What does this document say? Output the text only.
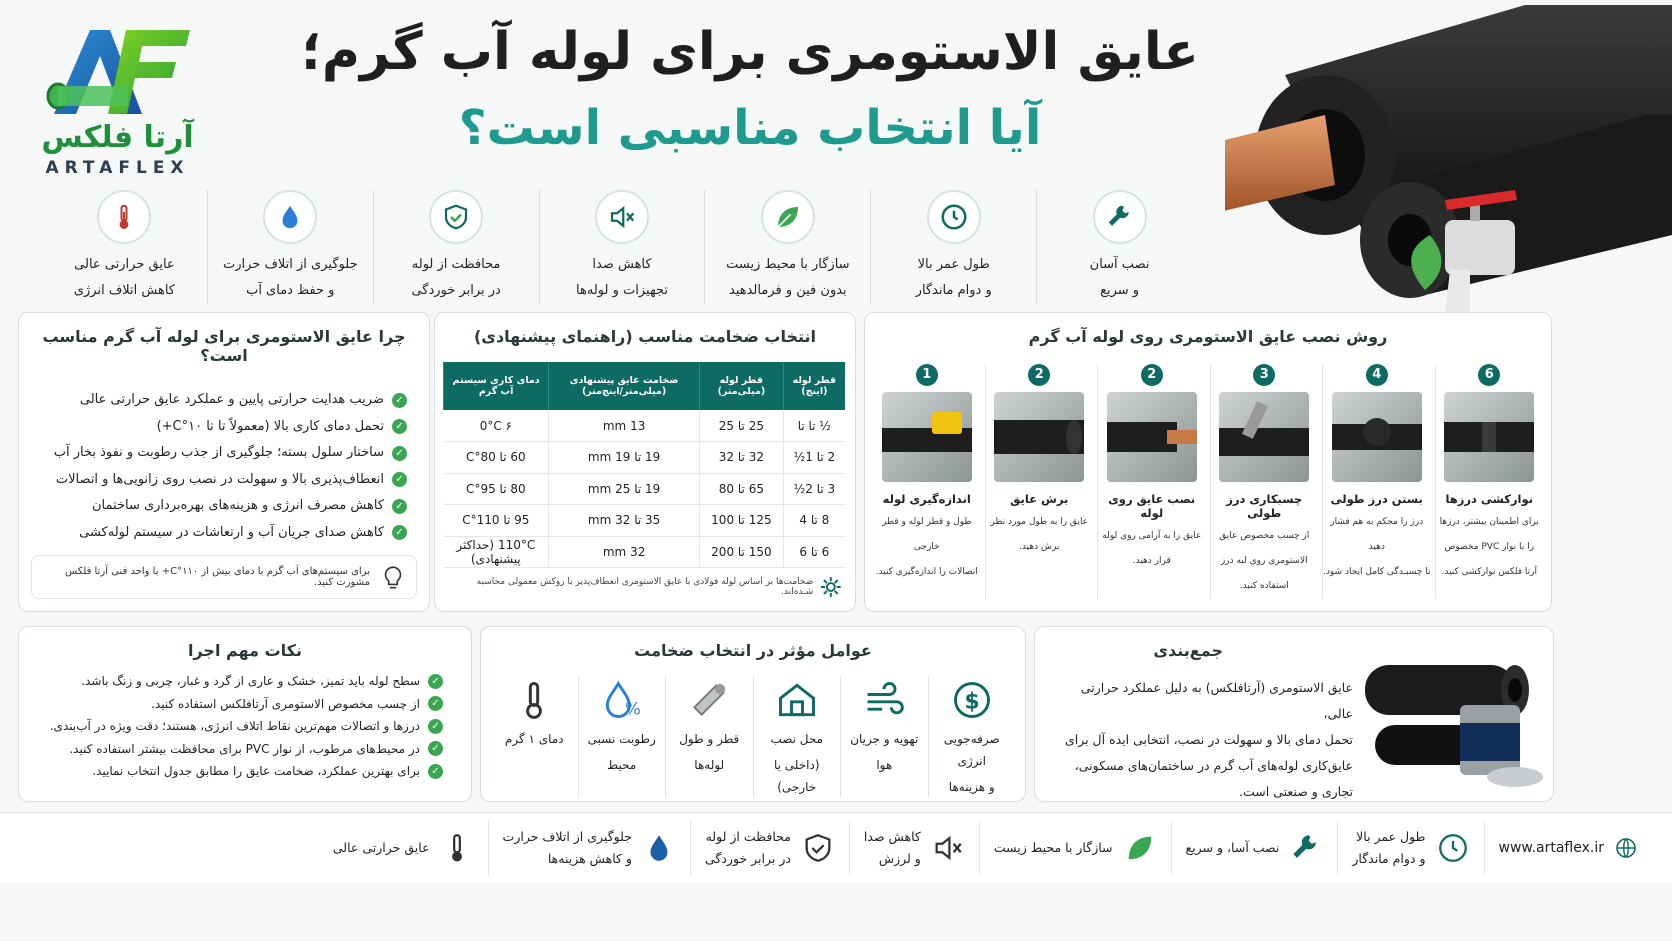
آرتا فلکس
ARTAFLEX
عایق الاستومری برای لوله آب گرم؛
آیا انتخاب مناسبی است؟
نصب آسان
و سریع
طول عمر بالا
و دوام ماندگار
سازگار با محیط زیست
بدون فین و فرمالدهید
کاهش صدا
تجهیزات و لوله‌ها
محافظت از لوله
در برابر خوردگی
جلوگیری از اتلاف حرارت
و حفظ دمای آب
عایق حرارتی عالی
کاهش اتلاف انرژی
چرا عایق الاستومری برای لوله آب گرم مناسب است؟
✓
ضریب هدایت حرارتی پایین و عملکرد عایق حرارتی عالی
✓
تحمل دمای کاری بالا (معمولاً تا تا ۱۰°C+)
✓
ساختار سلول بسته؛ جلوگیری از جذب رطوبت و نفوذ بخار آب
✓
انعطاف‌پذیری بالا و سهولت در نصب روی زانویی‌ها و اتصالات
✓
کاهش مصرف انرژی و هزینه‌های بهره‌برداری ساختمان
✓
کاهش صدای جریان آب و ارتعاشات در سیستم لوله‌کشی
برای سیستم‌های آب گرم با دمای بیش از ۱۱۰°C+ با واحد فنی آرتا فلکس مشورت کنید.
انتخاب ضخامت مناسب (راهنمای پیشنهادی)
قطر لوله (اینچ)	قطر لوله (میلی‌متر)	ضخامت عایق پیشنهادی (میلی‌متر/اینچ‌متر)	دمای کاری سیستم آب گرم
½ تا تا	25 تا 25	13 mm	0°C ۶
2 تا 1½	32 تا 32	19 تا 19 mm	60 تا 80°C
3 تا 2½	65 تا 80	19 تا 25 mm	80 تا 95°C
8 تا 4	125 تا 100	35 تا 32 mm	95 تا 110°C
6 تا 6	150 تا 200	32 mm	110°C (حداکثر پیشنهادی)
ضخامت‌ها بر اساس لوله فولادی با عایق الاستومری انعطاف‌پذیر با روکش معمولی محاسبه شـده‌اند.
روش نصب عایق الاستومری روی لوله آب گرم
6
نوارکشی درزها
برای اطمینان بیشتر، درزها
را با نوار PVC مخصوص
آرتا فلکس نوارکشی کنید.
4
بستن درز طولی
درز را محکم به هم فشار دهید
تا چسبـدگی کامل ایجاد شود.
3
چسبکاری درز طولی
از چسب مخصوص عایق
الاستومری روی لبه درز
استفاده کنید.
2
نصب عایق روی لوله
عایق را به آرامی روی لوله
قرار دهید.
2
برش عایق
عایق را به طول مورد نظر
برش دهید.
1
اندازه‌گیری لوله
طول و قطر لوله و قطر خارجی
اتصالات را اندازه‌گیری کنید.
نکات مهم اجرا
✓
سطح لوله باید تمیز، خشک و عاری از گرد و غبار، چربی و زنگ باشد.
✓
از چسب مخصوص الاستومری آرتافلکس استفاده کنید.
✓
درزها و اتصالات مهم‌ترین نقاط اتلاف انرژی، هستند؛ دقت ویژه در آب‌بندی.
✓
در محیط‌های مرطوب، از نوار PVC برای محافظت بیشتر استفاده کنید.
✓
برای بهترین عملکرد، ضخامت عایق را مطابق جدول انتخاب نمایید.
عوامل مؤثر در انتخاب ضخامت
$
صرفه‌جویی انرژی
و هزینه‌ها
تهویه و جریان
هوا
محل نصب
(داخلی یا خارجی)
قطر و طول
لوله‌ها
%
رطوبت نسبی
محیط
دمای ۱ گرم
جمع‌بندی
عایق الاستومری (آرتافلکس) به دلیل عملکرد حرارتی عالی،
تحمل دمای بالا و سهولت در نصب، انتخابی ایده آل برای
عایق‌کاری لوله‌های آب گرم در ساختمان‌های مسکونی،
تجاری و صنعتی است.
www.artaflex.ir
طول عمر بالا
و دوام ماندگار
نصب آسا، و سریع
سازگار با محیط زیست
کاهش صدا
و لرزش
محافظت از لوله
در برابر خوردگی
جلوگیری از اتلاف حرارت
و کاهش هزینه‌ها
عایق حرارتی عالی
